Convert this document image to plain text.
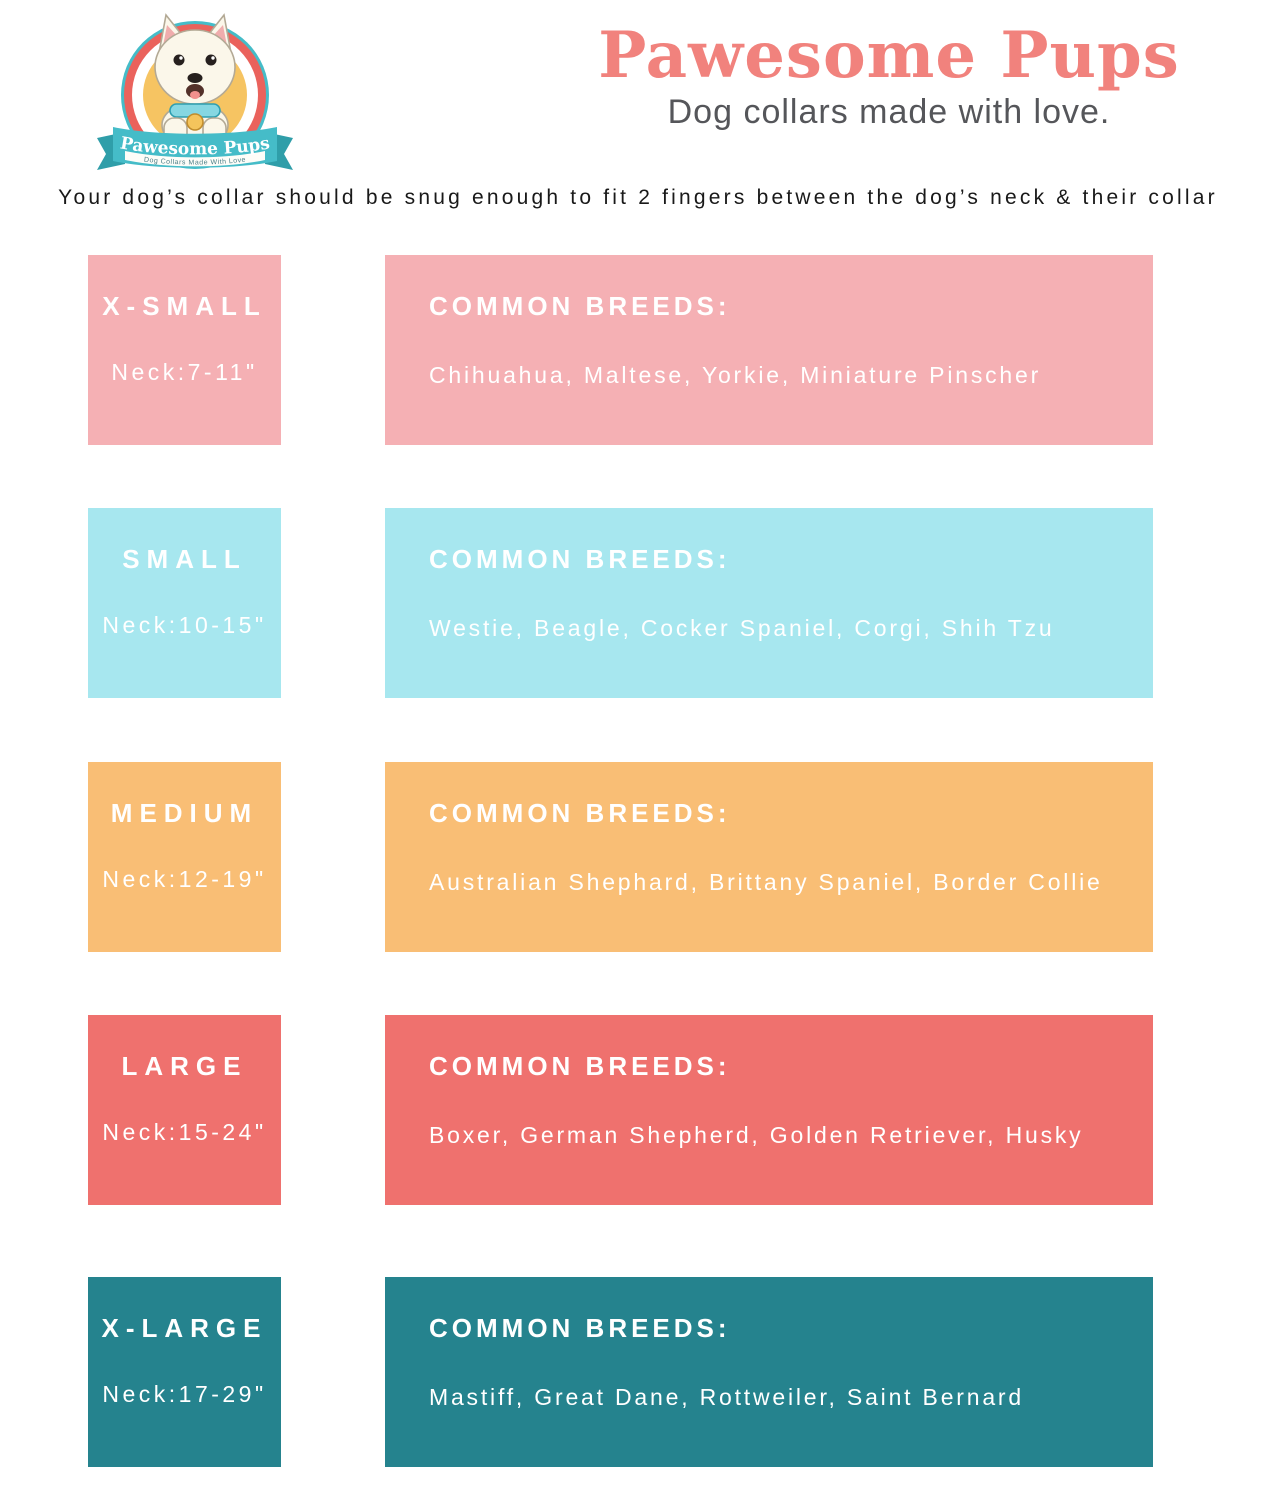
Pawesome Pups
Dog Collars Made With Love
Pawesome Pups
Dog collars made with love.
Your dog’s collar should be snug enough to fit 2 fingers between the dog’s neck & their collar
X-SMALL
Neck:7-11"
COMMON BREEDS:
Chihuahua, Maltese, Yorkie, Miniature Pinscher
SMALL
Neck:10-15"
COMMON BREEDS:
Westie, Beagle, Cocker Spaniel, Corgi, Shih Tzu
MEDIUM
Neck:12-19"
COMMON BREEDS:
Australian Shephard, Brittany Spaniel, Border Collie
LARGE
Neck:15-24"
COMMON BREEDS:
Boxer, German Shepherd, Golden Retriever, Husky
X-LARGE
Neck:17-29"
COMMON BREEDS:
Mastiff, Great Dane, Rottweiler, Saint Bernard
